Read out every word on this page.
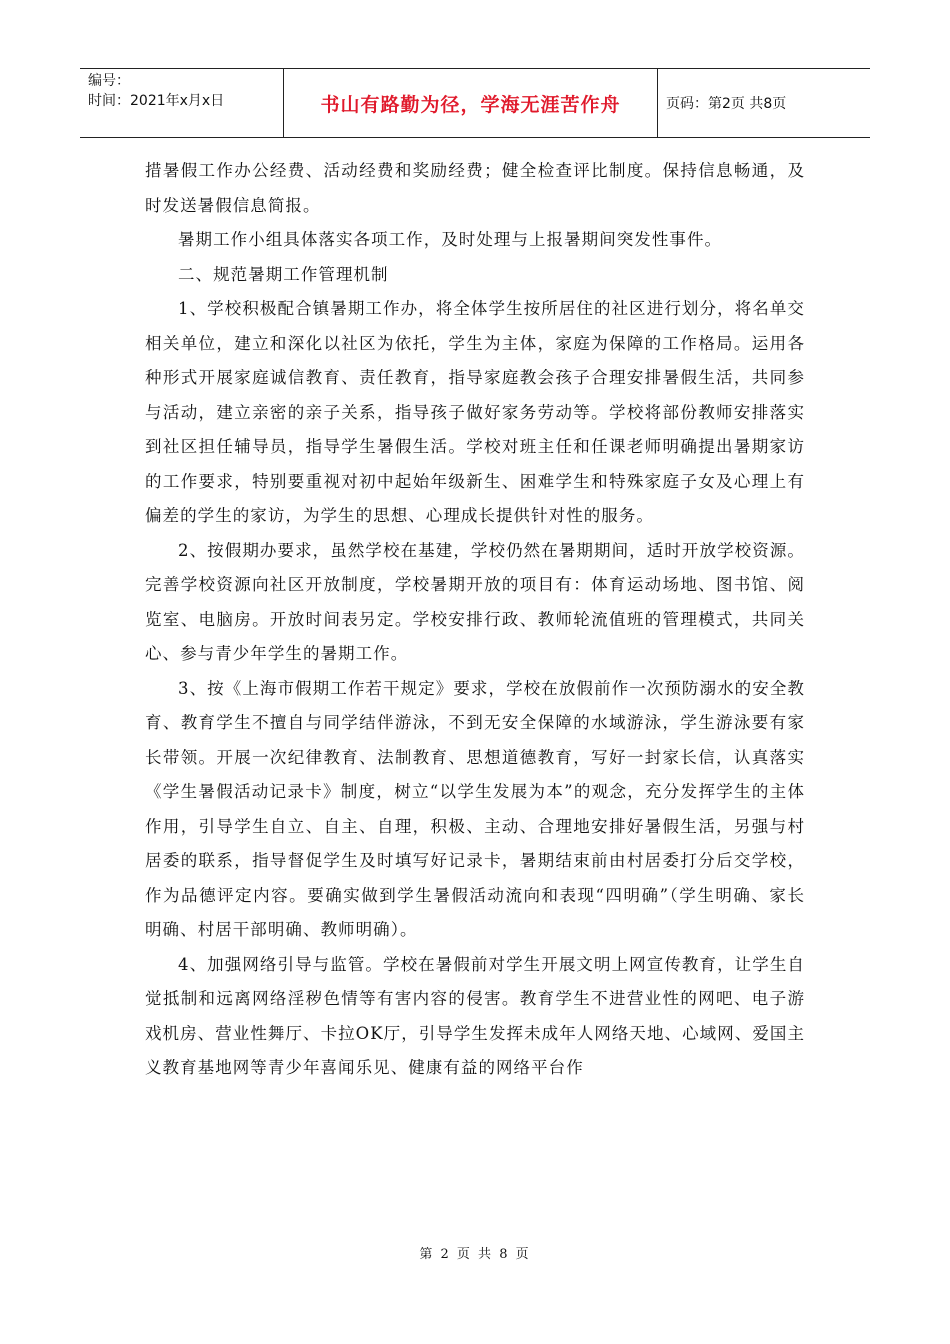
编号：
时间：2021年x月x日	书山有路勤为径，学海无涯苦作舟	页码：第2页 共8页

措暑假工作办公经费、活动经费和奖励经费；健全检查评比制度。保持信息畅通，及时发送暑假信息简报。

暑期工作小组具体落实各项工作，及时处理与上报暑期间突发性事件。

二、规范暑期工作管理机制

1、学校积极配合镇暑期工作办，将全体学生按所居住的社区进行划分，将名单交相关单位，建立和深化以社区为依托，学生为主体，家庭为保障的工作格局。运用各种形式开展家庭诚信教育、责任教育，指导家庭教会孩子合理安排暑假生活，共同参与活动，建立亲密的亲子关系，指导孩子做好家务劳动等。学校将部份教师安排落实到社区担任辅导员，指导学生暑假生活。学校对班主任和任课老师明确提出暑期家访的工作要求，特别要重视对初中起始年级新生、困难学生和特殊家庭子女及心理上有偏差的学生的家访，为学生的思想、心理成长提供针对性的服务。

2、按假期办要求，虽然学校在基建，学校仍然在暑期期间，适时开放学校资源。完善学校资源向社区开放制度，学校暑期开放的项目有：体育运动场地、图书馆、阅览室、电脑房。开放时间表另定。学校安排行政、教师轮流值班的管理模式，共同关心、参与青少年学生的暑期工作。

3、按《上海市假期工作若干规定》要求，学校在放假前作一次预防溺水的安全教育、教育学生不擅自与同学结伴游泳，不到无安全保障的水域游泳，学生游泳要有家长带领。开展一次纪律教育、法制教育、思想道德教育，写好一封家长信，认真落实《学生暑假活动记录卡》制度，树立“以学生发展为本”的观念，充分发挥学生的主体作用，引导学生自立、自主、自理，积极、主动、合理地安排好暑假生活，另强与村居委的联系，指导督促学生及时填写好记录卡，暑期结束前由村居委打分后交学校，作为品德评定内容。要确实做到学生暑假活动流向和表现“四明确”（学生明确、家长明确、村居干部明确、教师明确）。

4、加强网络引导与监管。学校在暑假前对学生开展文明上网宣传教育，让学生自觉抵制和远离网络淫秽色情等有害内容的侵害。教育学生不进营业性的网吧、电子游戏机房、营业性舞厅、卡拉OK厅，引导学生发挥未成年人网络天地、心域网、爱国主义教育基地网等青少年喜闻乐见、健康有益的网络平台作

第 2 页 共 8 页
